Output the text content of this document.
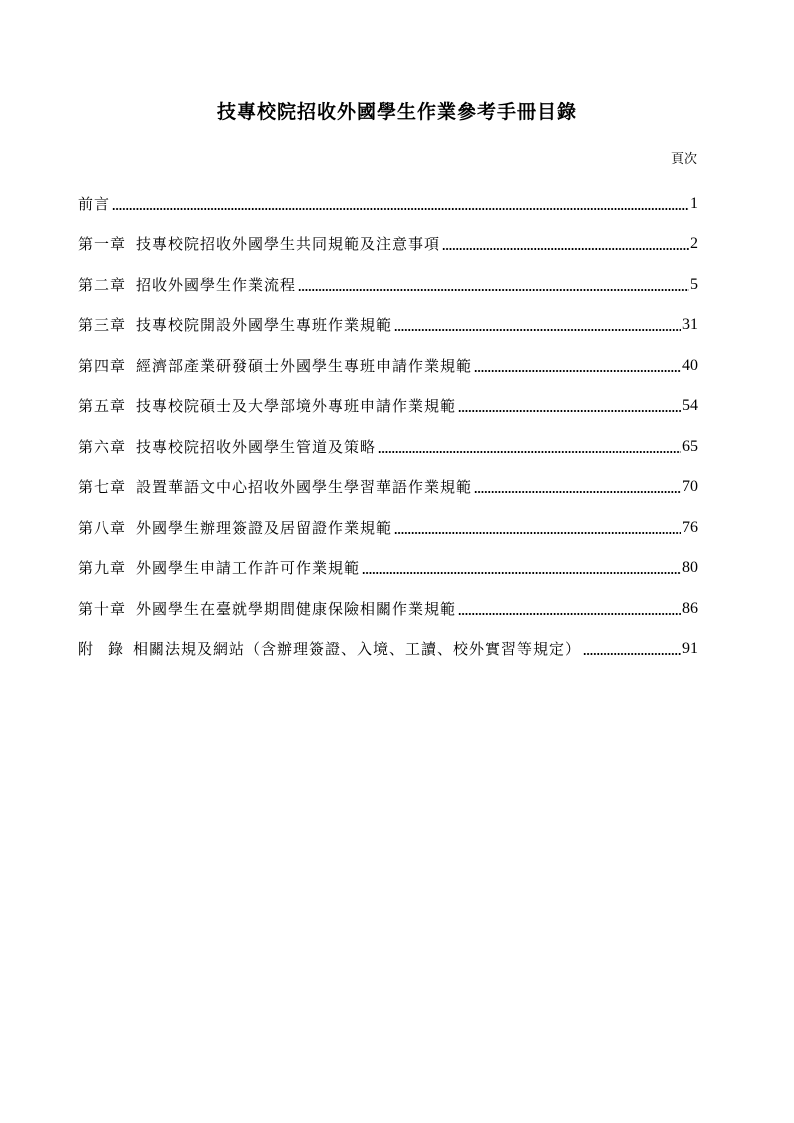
技專校院招收外國學生作業參考手冊目錄
頁次
前言	1
第一章 技專校院招收外國學生共同規範及注意事項	2
第二章 招收外國學生作業流程	5
第三章 技專校院開設外國學生專班作業規範	31
第四章 經濟部產業研發碩士外國學生專班申請作業規範	40
第五章 技專校院碩士及大學部境外專班申請作業規範	54
第六章 技專校院招收外國學生管道及策略	65
第七章 設置華語文中心招收外國學生學習華語作業規範	70
第八章 外國學生辦理簽證及居留證作業規範	76
第九章 外國學生申請工作許可作業規範	80
第十章 外國學生在臺就學期間健康保險相關作業規範	86
附　錄 相關法規及網站（含辦理簽證、入境、工讀、校外實習等規定）	91
